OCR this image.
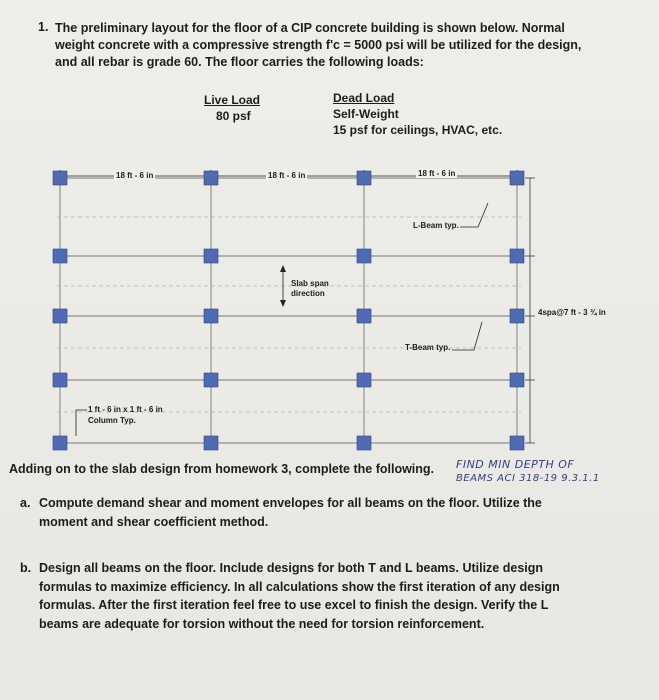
1. The preliminary layout for the floor of a CIP concrete building is shown below. Normal
weight concrete with a compressive strength f'c = 5000 psi will be utilized for the design,
and all rebar is grade 60. The floor carries the following loads:
Live Load
80 psf
Dead Load
Self-Weight
15 psf for ceilings, HVAC, etc.
18 ft - 6 in	18 ft - 6 in	18 ft - 6 in
L-Beam typ.
Slab span
direction
4spa@7 ft - 3 ¾ in
T-Beam typ.
1 ft - 6 in x 1 ft - 6 in
Column Typ.
Adding on to the slab design from homework 3, complete the following. FIND MIN DEPTH OF
BEAMS ACI 318-19 9.3.1.1
a. Compute demand shear and moment envelopes for all beams on the floor. Utilize the
moment and shear coefficient method.
b. Design all beams on the floor. Include designs for both T and L beams. Utilize design
formulas to maximize efficiency. In all calculations show the first iteration of any design
formulas. After the first iteration feel free to use excel to finish the design. Verify the L
beams are adequate for torsion without the need for torsion reinforcement.
